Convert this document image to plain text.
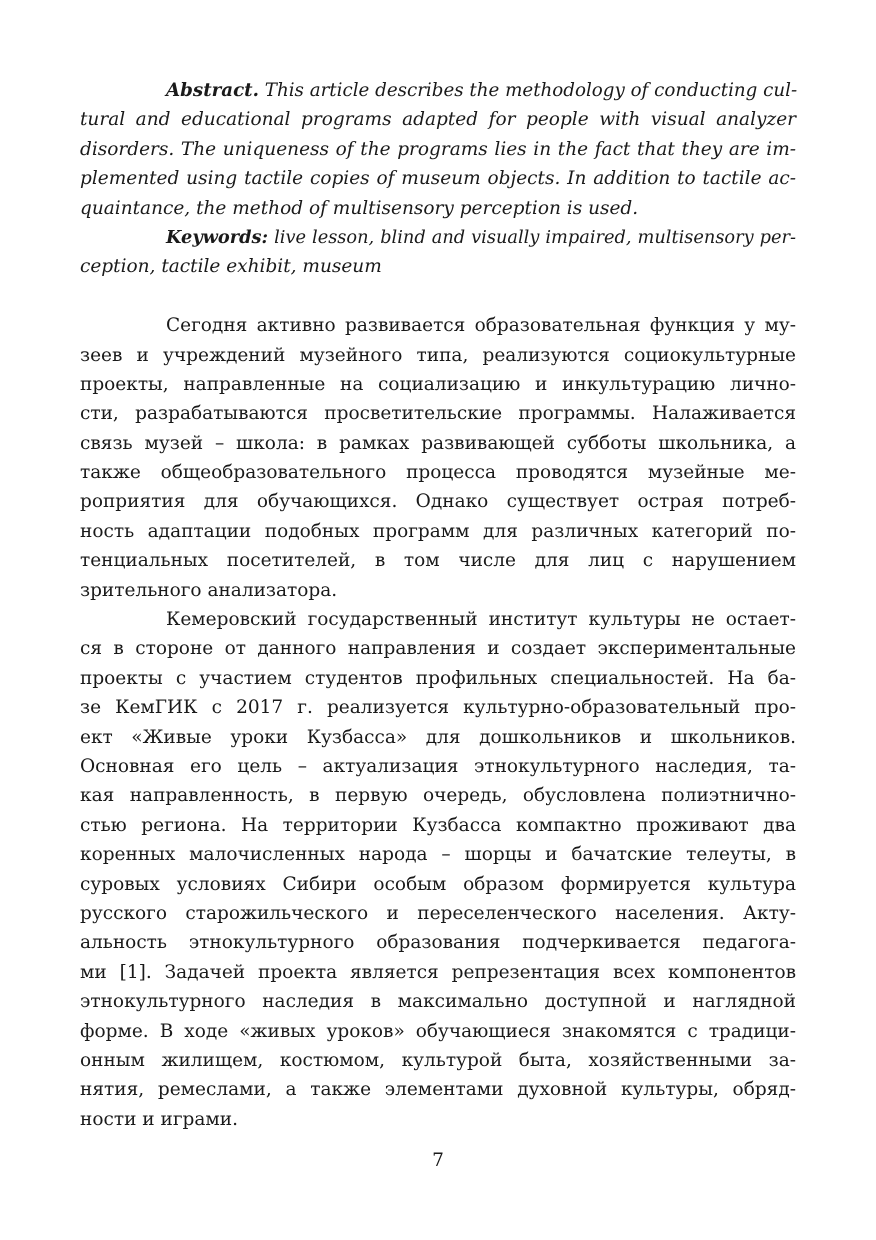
Abstract. This article describes the methodology of conducting cul-
tural and educational programs adapted for people with visual analyzer
disorders. The uniqueness of the programs lies in the fact that they are im-
plemented using tactile copies of museum objects. In addition to tactile ac-
quaintance, the method of multisensory perception is used.
Keywords: live lesson, blind and visually impaired, multisensory per-
ception, tactile exhibit, museum
Сегодня активно развивается образовательная функция у му-
зеев и учреждений музейного типа, реализуются социокультурные
проекты, направленные на социализацию и инкультурацию лично-
сти, разрабатываются просветительские программы. Налаживается
связь музей – школа: в рамках развивающей субботы школьника, а
также общеобразовательного процесса проводятся музейные ме-
роприятия для обучающихся. Однако существует острая потреб-
ность адаптации подобных программ для различных категорий по-
тенциальных посетителей, в том числе для лиц с нарушением
зрительного анализатора.
Кемеровский государственный институт культуры не остает-
ся в стороне от данного направления и создает экспериментальные
проекты с участием студентов профильных специальностей. На ба-
зе КемГИК с 2017 г. реализуется культурно-образовательный про-
ект «Живые уроки Кузбасса» для дошкольников и школьников.
Основная его цель – актуализация этнокультурного наследия, та-
кая направленность, в первую очередь, обусловлена полиэтнично-
стью региона. На территории Кузбасса компактно проживают два
коренных малочисленных народа – шорцы и бачатские телеуты, в
суровых условиях Сибири особым образом формируется культура
русского старожильческого и переселенческого населения. Акту-
альность этнокультурного образования подчеркивается педагога-
ми [1]. Задачей проекта является репрезентация всех компонентов
этнокультурного наследия в максимально доступной и наглядной
форме. В ходе «живых уроков» обучающиеся знакомятся с традици-
онным жилищем, костюмом, культурой быта, хозяйственными за-
нятия, ремеслами, а также элементами духовной культуры, обряд-
ности и играми.
7
